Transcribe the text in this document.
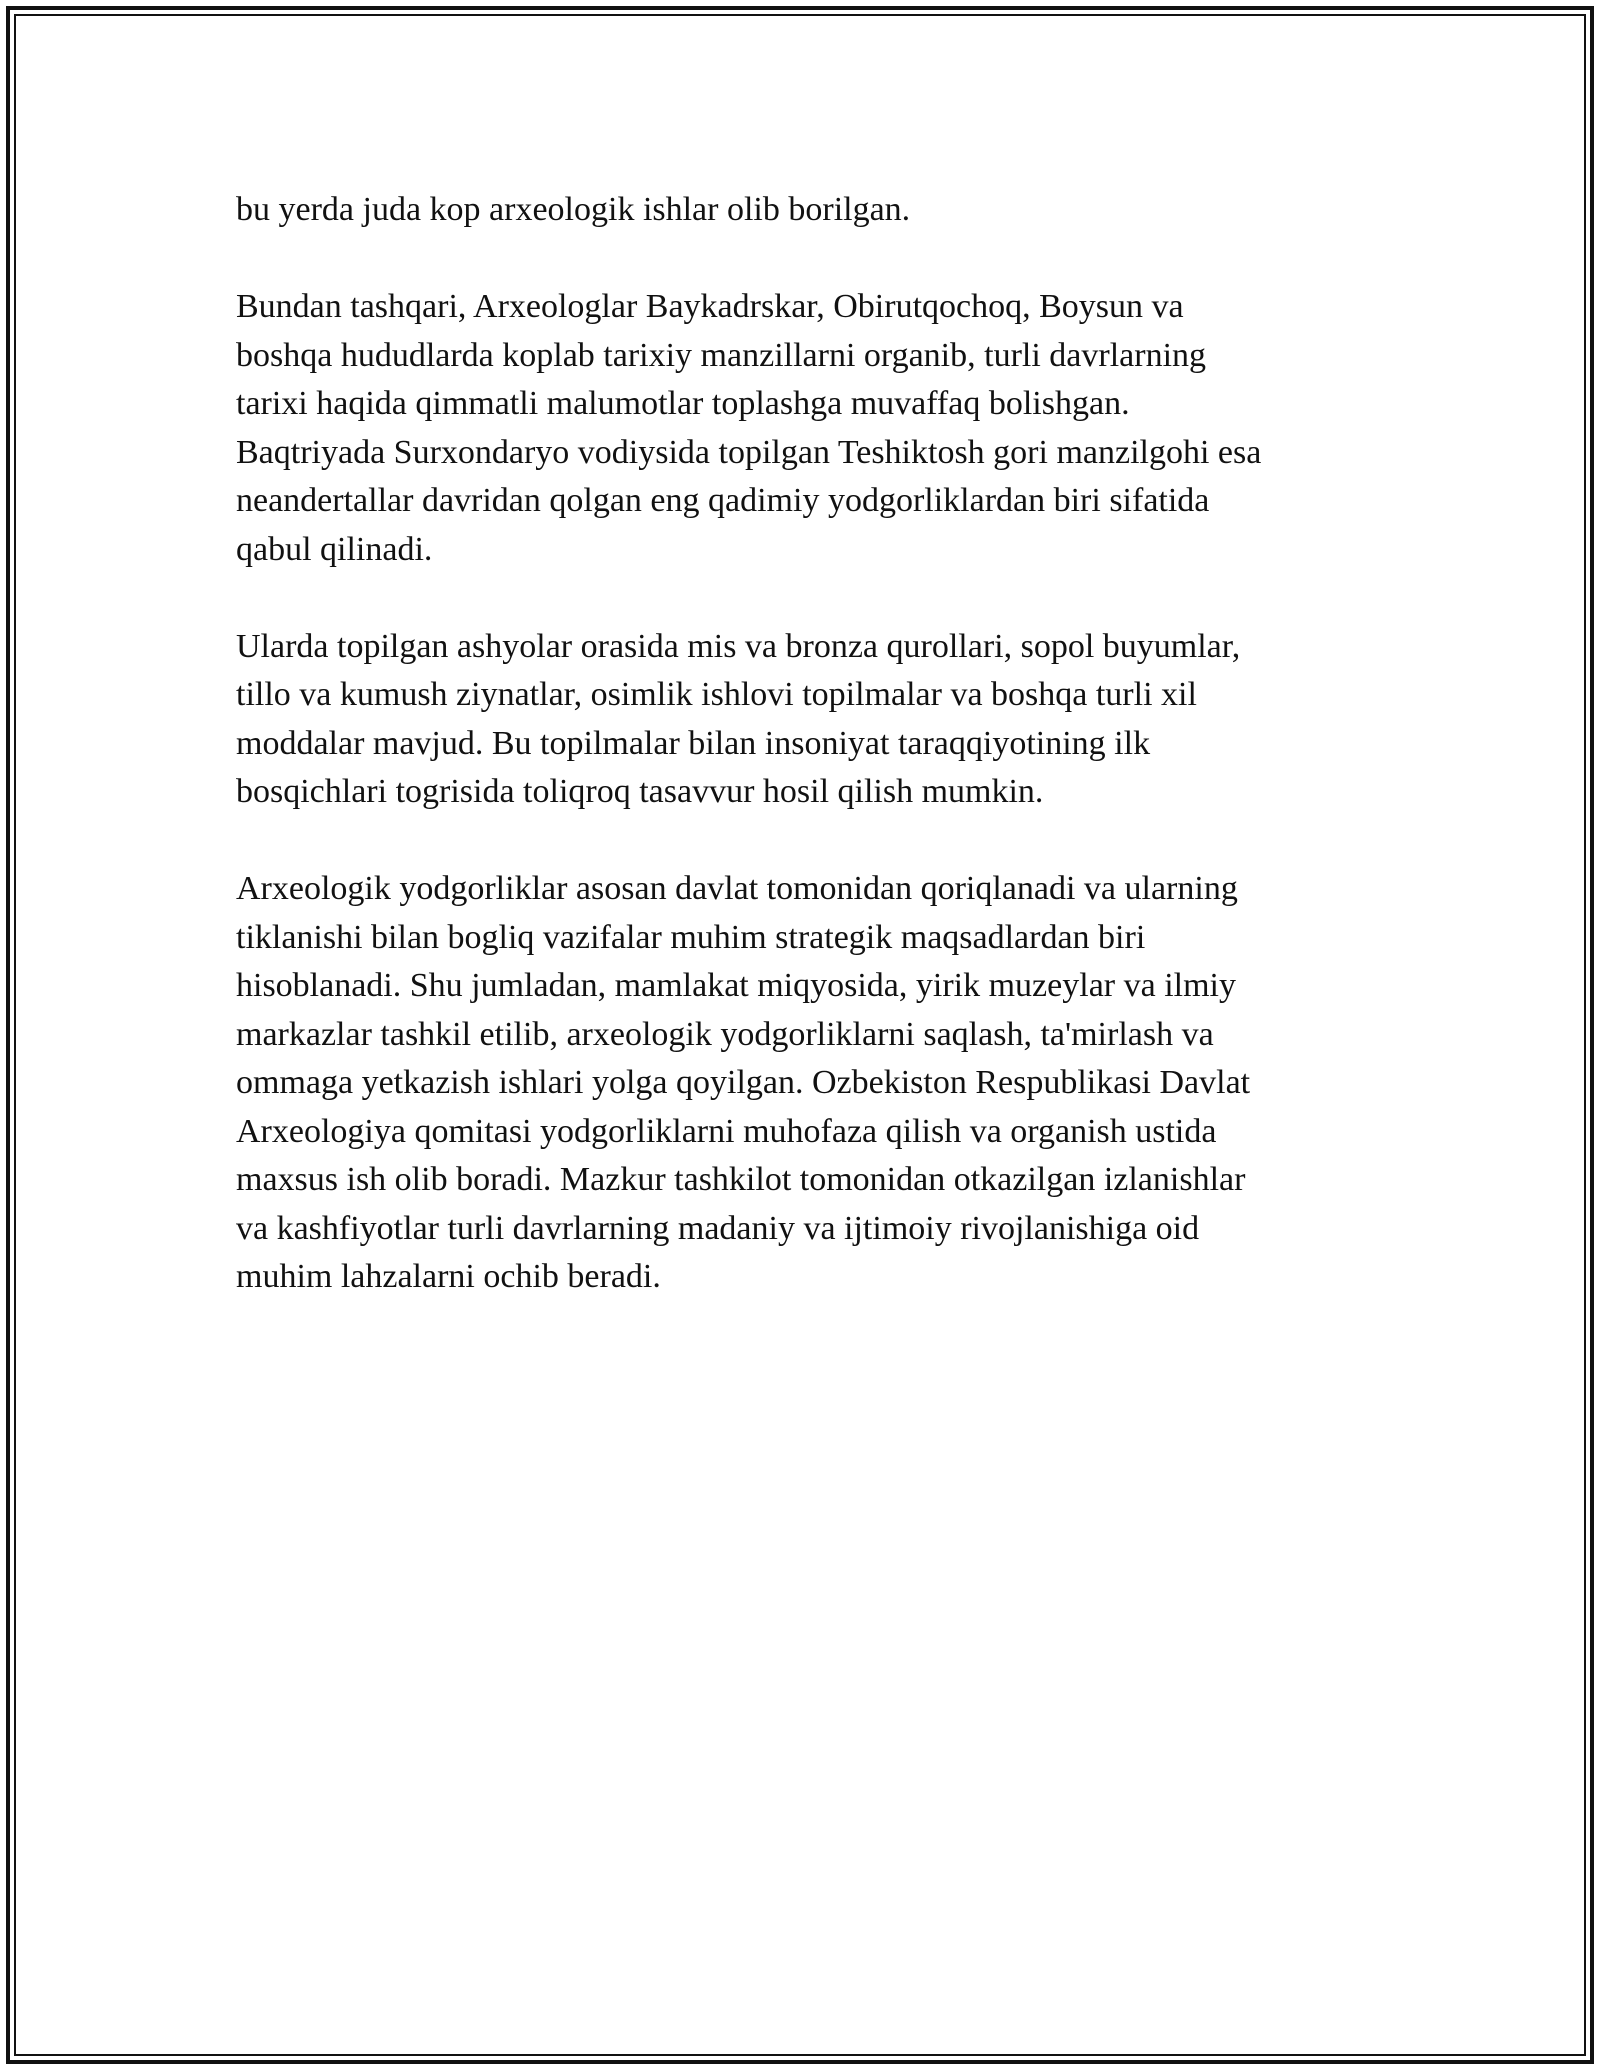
bu yerda juda kop arxeologik ishlar olib borilgan.

Bundan tashqari, Arxeologlar Baykadrskar, Obirutqochoq, Boysun va
boshqa hududlarda koplab tarixiy manzillarni organib, turli davrlarning
tarixi haqida qimmatli malumotlar toplashga muvaffaq bolishgan.
Baqtriyada Surxondaryo vodiysida topilgan Teshiktosh gori manzilgohi esa
neandertallar davridan qolgan eng qadimiy yodgorliklardan biri sifatida
qabul qilinadi.

Ularda topilgan ashyolar orasida mis va bronza qurollari, sopol buyumlar,
tillo va kumush ziynatlar, osimlik ishlovi topilmalar va boshqa turli xil
moddalar mavjud. Bu topilmalar bilan insoniyat taraqqiyotining ilk
bosqichlari togrisida toliqroq tasavvur hosil qilish mumkin.

Arxeologik yodgorliklar asosan davlat tomonidan qoriqlanadi va ularning
tiklanishi bilan bogliq vazifalar muhim strategik maqsadlardan biri
hisoblanadi. Shu jumladan, mamlakat miqyosida, yirik muzeylar va ilmiy
markazlar tashkil etilib, arxeologik yodgorliklarni saqlash, ta'mirlash va
ommaga yetkazish ishlari yolga qoyilgan. Ozbekiston Respublikasi Davlat
Arxeologiya qomitasi yodgorliklarni muhofaza qilish va organish ustida
maxsus ish olib boradi. Mazkur tashkilot tomonidan otkazilgan izlanishlar
va kashfiyotlar turli davrlarning madaniy va ijtimoiy rivojlanishiga oid
muhim lahzalarni ochib beradi.
